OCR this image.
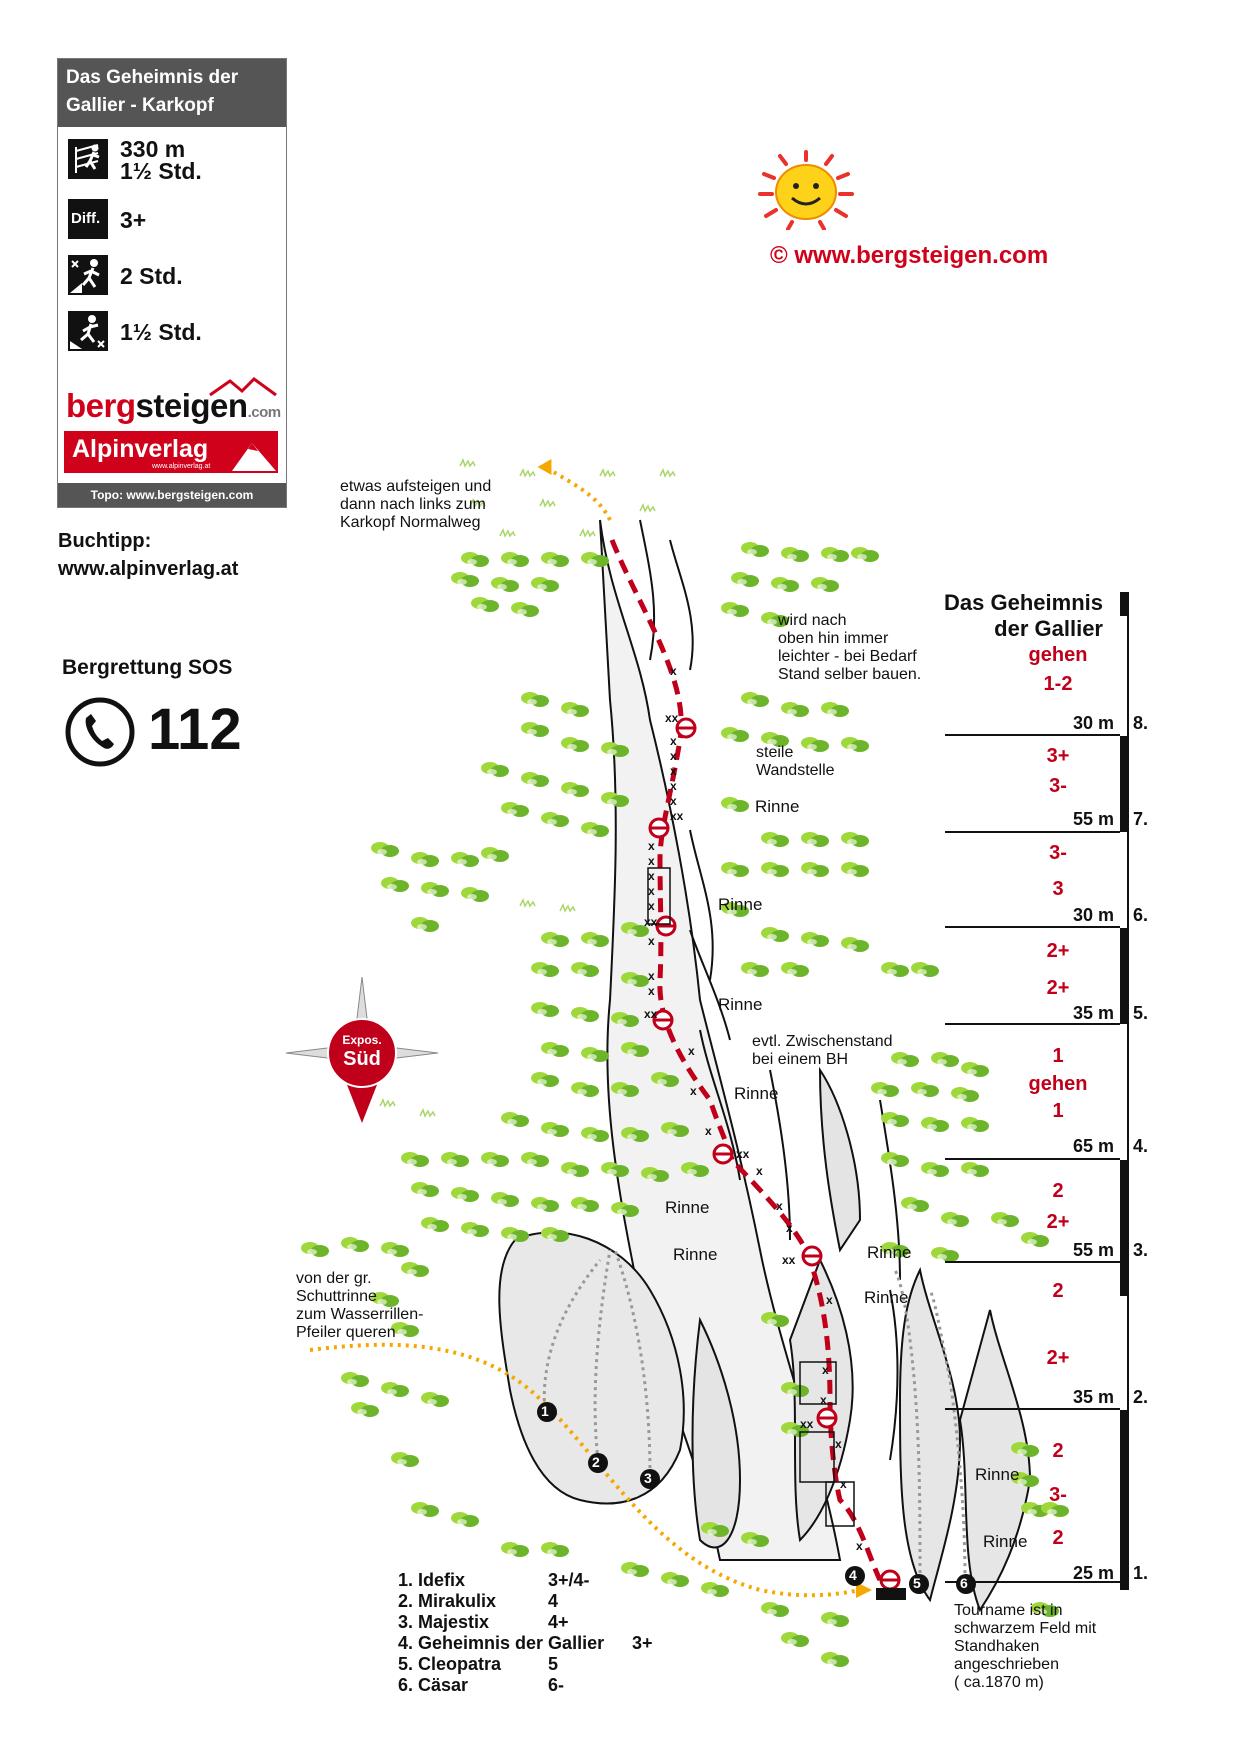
Das Geheimnis der
Gallier - Karkopf
330 m
1½ Std.
Diff. 3+
2 Std.
1½ Std.
bergsteigen.com
Alpinverlag
www.alpinverlag.at
Topo: www.bergsteigen.com
Buchtipp:
www.alpinverlag.at
Bergrettung SOS
112
© www.bergsteigen.com
x
xx
x
x
x
x
x
xx
x
x
x
x
x
xx
x
x
x
xx
x
x
x
xx
x
x
x
xx
x
x
x
xx
x
x
x
1
2
3
4	5	6
Expos.
Süd
etwas aufsteigen und
dann nach links zum
Karkopf Normalweg
wird nach
oben hin immer
leichter - bei Bedarf
Stand selber bauen.
steile
Wandstelle
evtl. Zwischenstand
bei einem BH
von der gr.
Schuttrinne
zum Wasserrillen-
Pfeiler queren
Tourname ist in
schwarzem Feld mit
Standhaken
angeschrieben
( ca.1870 m)
Rinne
Rinne
Rinne
Rinne
Rinne
Rinne	Rinne
Rinne
Rinne
Rinne
Das Geheimnis
der Gallier
gehen
1-2
30 m 8.
3+
3-
55 m 7.
3-
3
30 m 6.
2+
2+
35 m 5.
1
gehen
1
65 m 4.
2
2+
55 m 3.
2
2+
35 m 2.
2
3-
2
25 m 1.
1. Idefix	3+/4-
2. Mirakulix	4
3. Majestix	4+
4. Geheimnis der Gallier 3+
5. Cleopatra	5
6. Cäsar	6-
